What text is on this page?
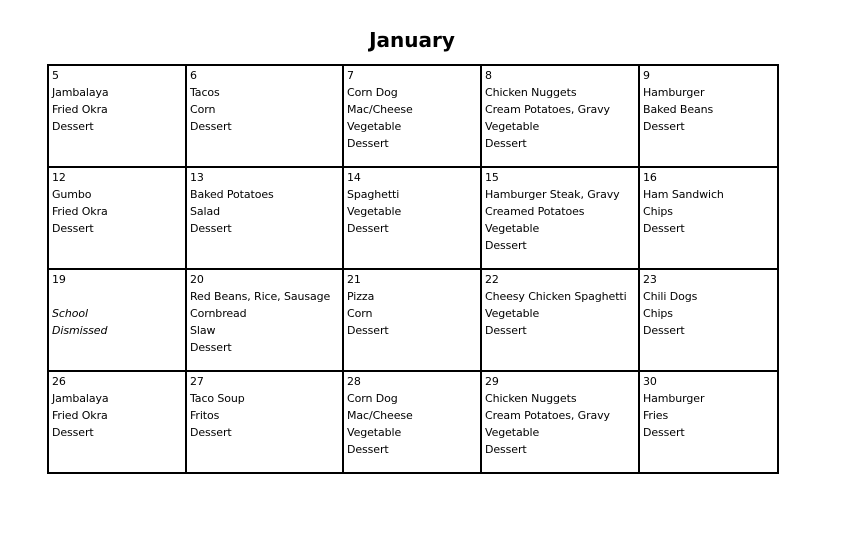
January
5
Jambalaya
Fried Okra
Dessert	6
Tacos
Corn
Dessert	7
Corn Dog
Mac/Cheese
Vegetable
Dessert	8
Chicken Nuggets
Cream Potatoes, Gravy
Vegetable
Dessert	9
Hamburger
Baked Beans
Dessert

12
Gumbo
Fried Okra
Dessert	13
Baked Potatoes
Salad
Dessert	14
Spaghetti
Vegetable
Dessert	15
Hamburger Steak, Gravy
Creamed Potatoes
Vegetable
Dessert	16
Ham Sandwich
Chips
Dessert

19
School
Dismissed	20
Red Beans, Rice, Sausage
Cornbread
Slaw
Dessert	21
Pizza
Corn
Dessert	22
Cheesy Chicken Spaghetti
Vegetable
Dessert	23
Chili Dogs
Chips
Dessert

26
Jambalaya
Fried Okra
Dessert	27
Taco Soup
Fritos
Dessert	28
Corn Dog
Mac/Cheese
Vegetable
Dessert	29
Chicken Nuggets
Cream Potatoes, Gravy
Vegetable
Dessert	30
Hamburger
Fries
Dessert
